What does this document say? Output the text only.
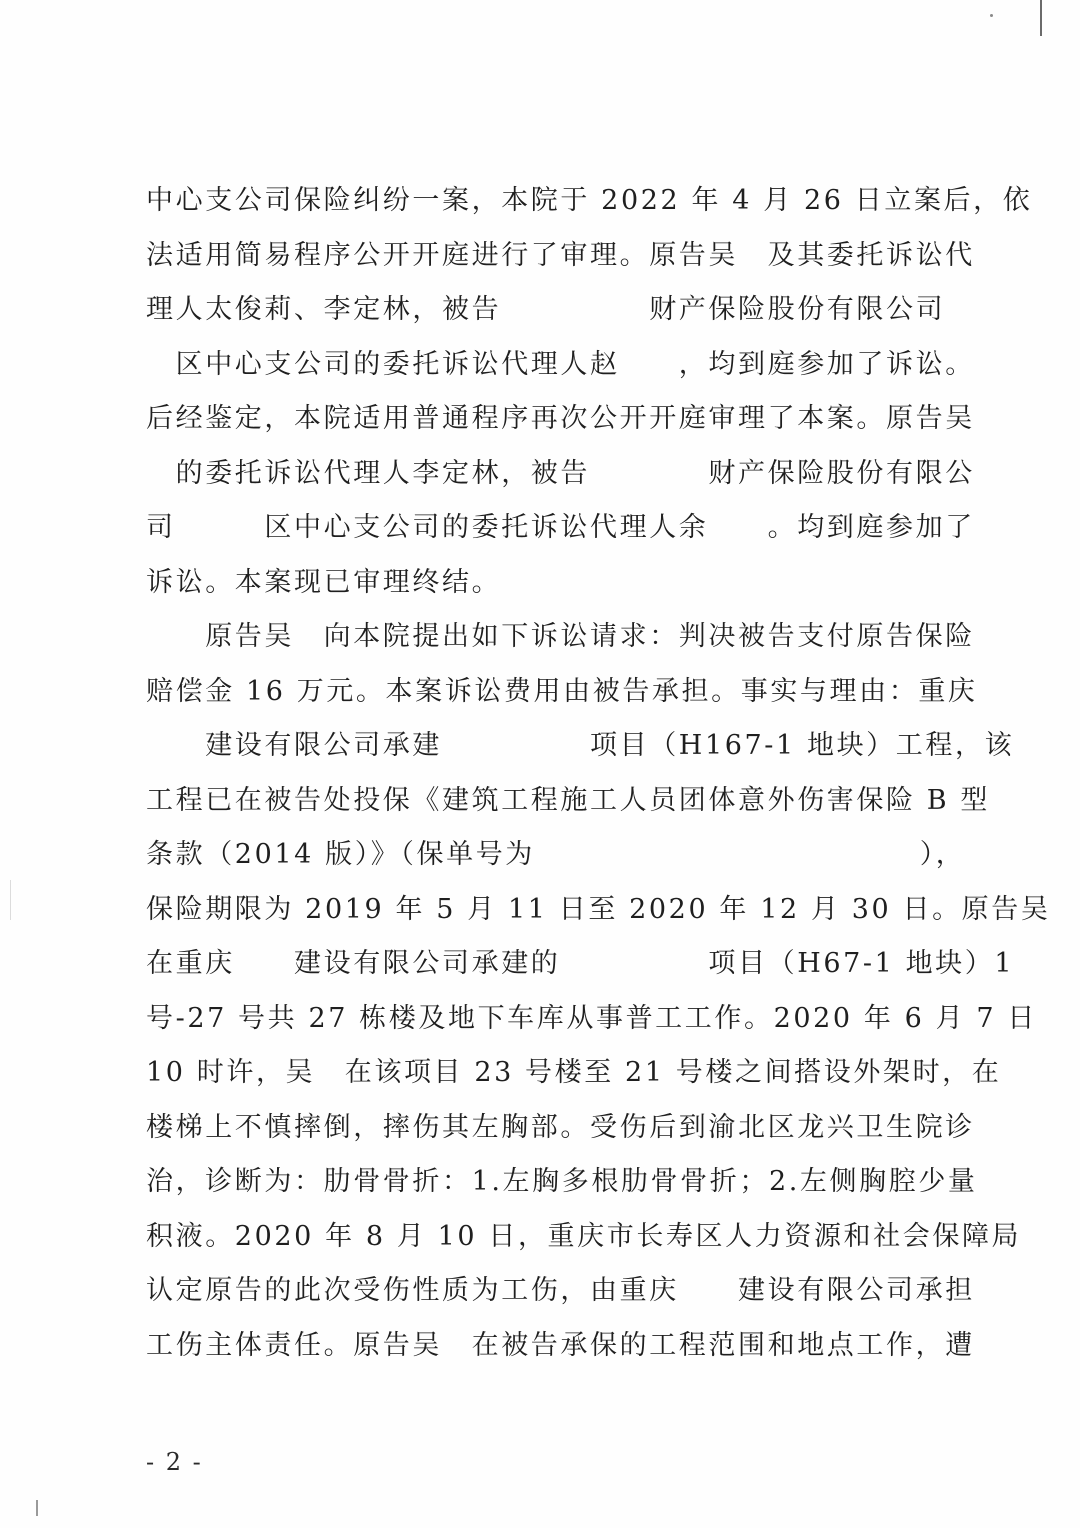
中心支公司保险纠纷一案，本院于 2022 年 4 月 26 日立案后，依
法适用简易程序公开开庭进行了审理。原告吴　及其委托诉讼代
理人太俊莉、李定林，被告　　　　　财产保险股份有限公司
　区中心支公司的委托诉讼代理人赵　　，均到庭参加了诉讼。
后经鉴定，本院适用普通程序再次公开开庭审理了本案。原告吴
　的委托诉讼代理人李定林，被告　　　　财产保险股份有限公
司　　　区中心支公司的委托诉讼代理人余　　。均到庭参加了
诉讼。本案现已审理终结。
　　原告吴　向本院提出如下诉讼请求：判决被告支付原告保险
赔偿金 16 万元。本案诉讼费用由被告承担。事实与理由：重庆
　　建设有限公司承建　　　　　项目（H167-1 地块）工程，该
工程已在被告处投保《建筑工程施工人员团体意外伤害保险 B 型
条款（2014 版）》（保单号为　　　　　　　　　　　　　），
保险期限为 2019 年 5 月 11 日至 2020 年 12 月 30 日。原告吴
在重庆　　建设有限公司承建的　　　　　项目（H67-1 地块）1
号-27 号共 27 栋楼及地下车库从事普工工作。2020 年 6 月 7 日
10 时许，吴　在该项目 23 号楼至 21 号楼之间搭设外架时，在
楼梯上不慎摔倒，摔伤其左胸部。受伤后到渝北区龙兴卫生院诊
治，诊断为：肋骨骨折：1.左胸多根肋骨骨折；2.左侧胸腔少量
积液。2020 年 8 月 10 日，重庆市长寿区人力资源和社会保障局
认定原告的此次受伤性质为工伤，由重庆　　建设有限公司承担
工伤主体责任。原告吴　在被告承保的工程范围和地点工作，遭
- 2 -
